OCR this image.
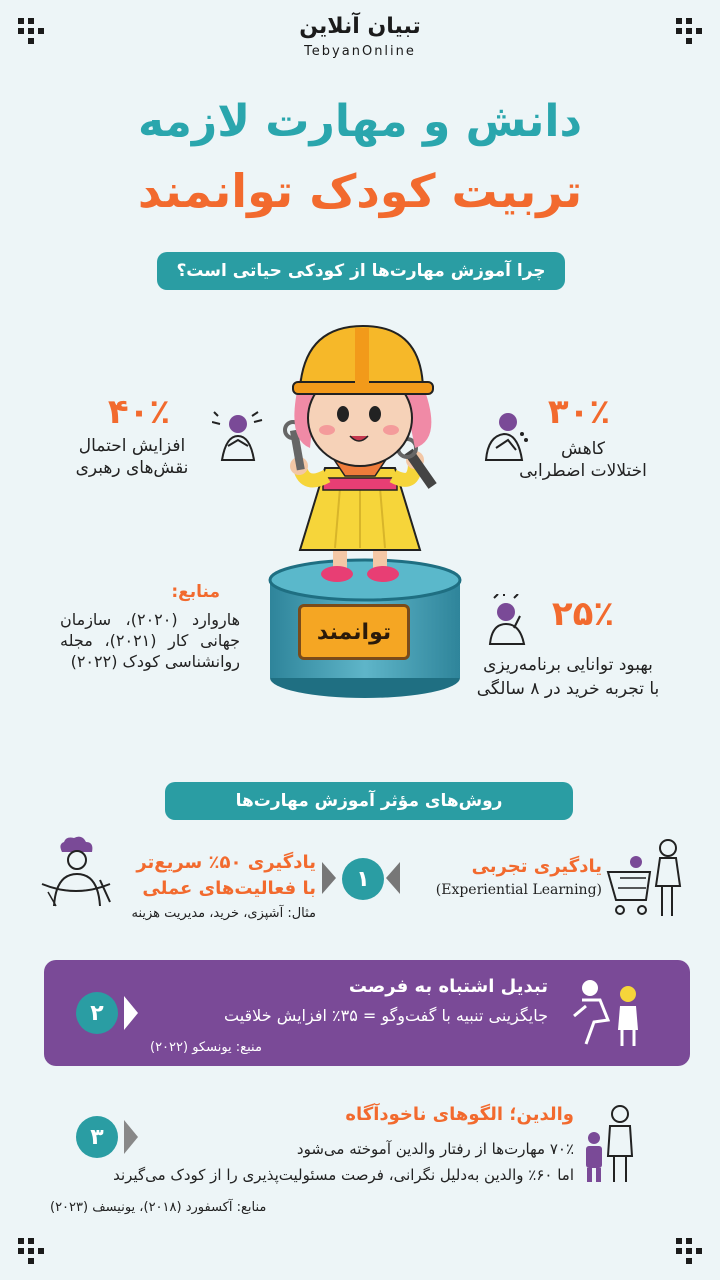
تبیان آنلاین
TebyanOnline
دانش و مهارت لازمه
تربیت کودک توانمند
چرا آموزش مهارت‌ها از کودکی حیاتی است؟
توانمند
۴۰٪
افزایش احتمال نقش‌های رهبری
۳۰٪
کاهش
اختلالات اضطرابی
منابع:
هاروارد (۲۰۲۰)، سازمان جهانی کار (۲۰۲۱)، مجله روانشناسی کودک (۲۰۲۲)
۲۵٪
بهبود توانایی برنامه‌ریزی
با تجربه خرید در ۸ سالگی
روش‌های مؤثر آموزش مهارت‌ها
یادگیری تجربی
(Experiential Learning)
۱
یادگیری ۵۰٪ سریع‌تر
با فعالیت‌های عملی
مثال: آشپزی، خرید، مدیریت هزینه
تبدیل اشتباه به فرصت
جایگزینی تنبیه با گفت‌وگو = ۳۵٪ افزایش خلاقیت
منبع: یونسکو (۲۰۲۲)
۲
والدین؛ الگوهای ناخودآگاه
۳	۷۰٪ مهارت‌ها از رفتار والدین آموخته می‌شود
اما ۶۰٪ والدین به‌دلیل نگرانی، فرصت مسئولیت‌پذیری را از کودک می‌گیرند
منابع: آکسفورد (۲۰۱۸)، یونیسف (۲۰۲۳)
